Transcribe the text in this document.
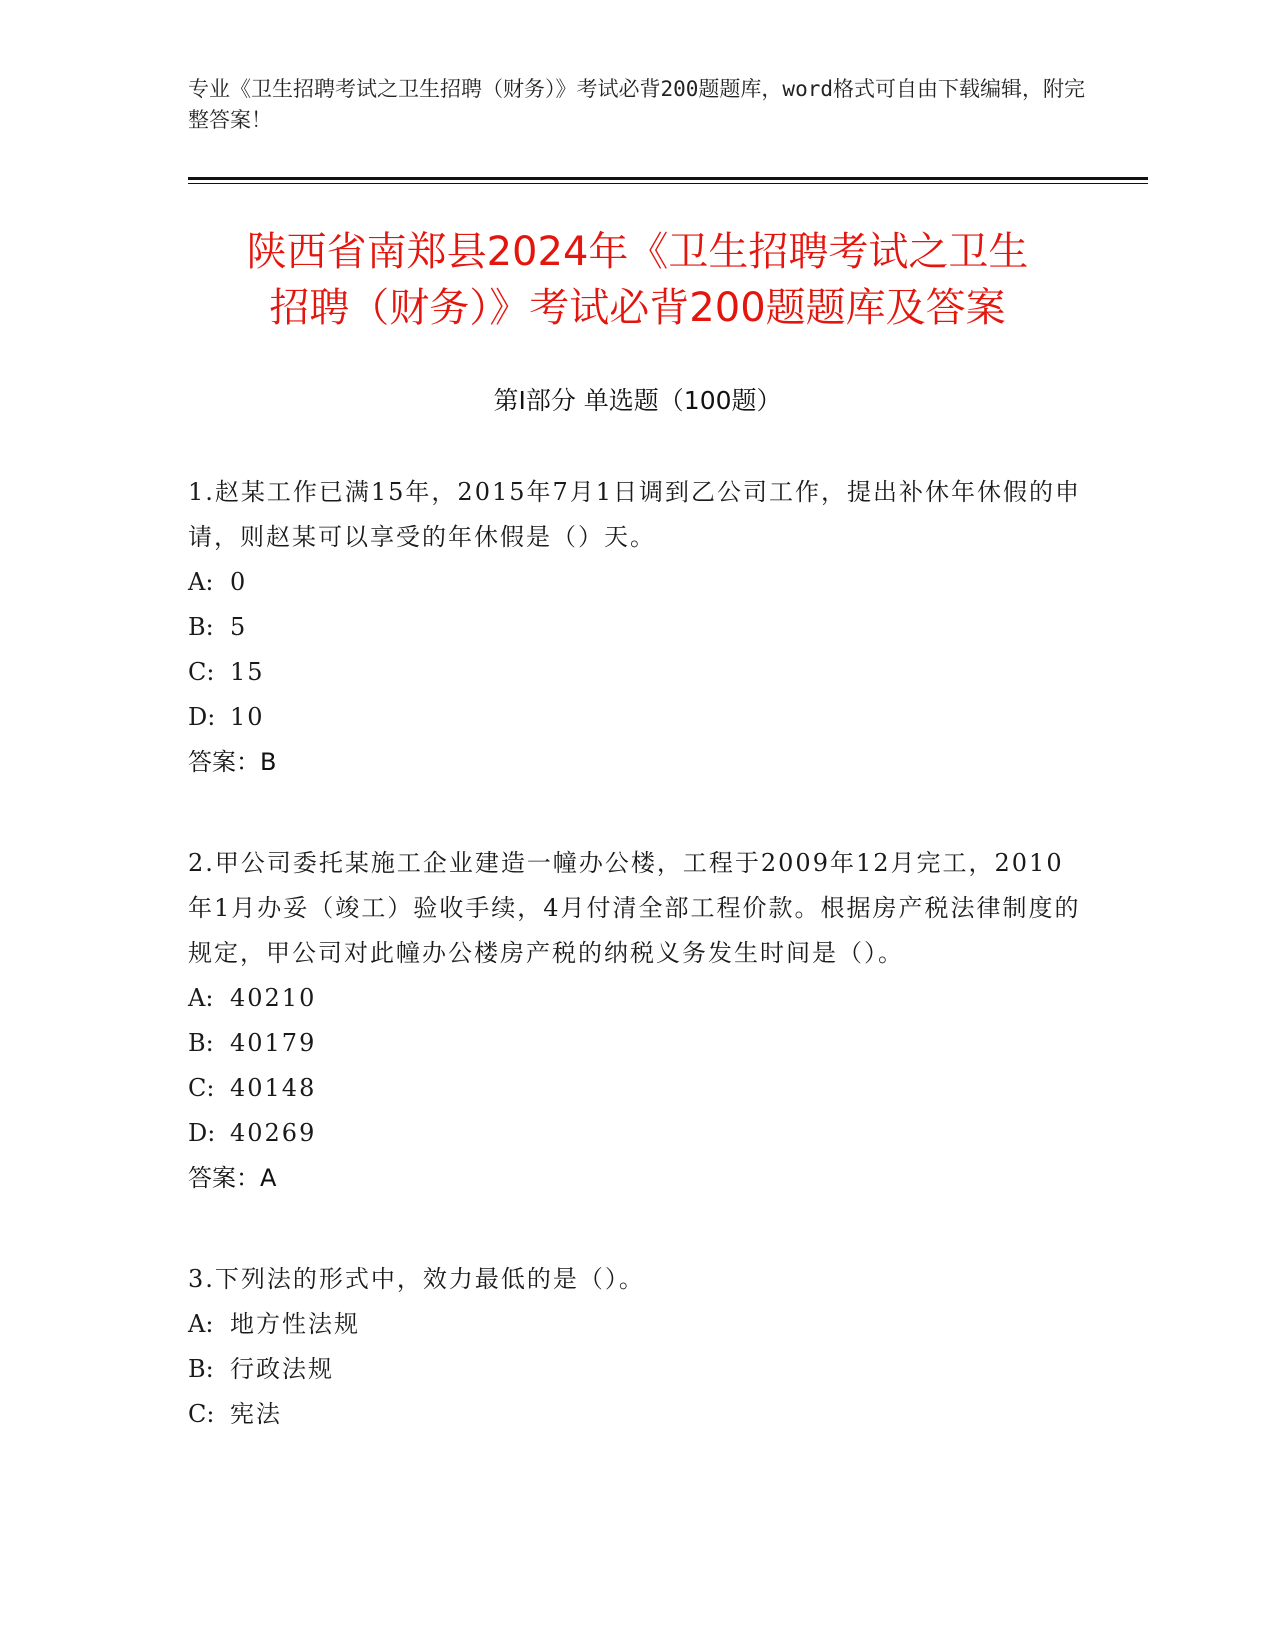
专业《卫生招聘考试之卫生招聘（财务）》考试必背200题题库，word格式可自由下载编辑，附完整答案！
陕西省南郑县2024年《卫生招聘考试之卫生
招聘（财务）》考试必背200题题库及答案
第Ⅰ部分 单选题（100题）
1.赵某工作已满15年，2015年7月1日调到乙公司工作，提出补休年休假的申请，则赵某可以享受的年休假是（）天。
A: 0
B: 5
C: 15
D: 10
答案：B
2.甲公司委托某施工企业建造一幢办公楼，工程于2009年12月完工，2010年1月办妥（竣工）验收手续，4月付清全部工程价款。根据房产税法律制度的规定，甲公司对此幢办公楼房产税的纳税义务发生时间是（）。
A: 40210
B: 40179
C: 40148
D: 40269
答案：A
3.下列法的形式中，效力最低的是（）。
A: 地方性法规
B: 行政法规
C: 宪法
